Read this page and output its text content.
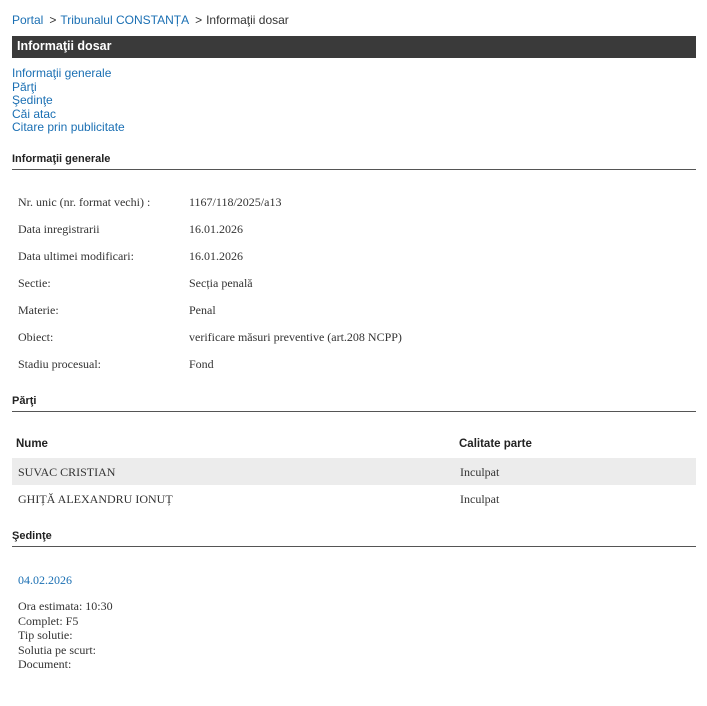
Portal > Tribunalul CONSTANȚA > Informaţii dosar
Informaţii dosar
Informaţii generale
Părţi
Şedinţe
Căi atac
Citare prin publicitate
Informaţii generale
Nr. unic (nr. format vechi) :	1167/118/2025/a13
Data inregistrarii	16.01.2026
Data ultimei modificari:	16.01.2026
Sectie:	Secția penală
Materie:	Penal
Obiect:	verificare măsuri preventive (art.208 NCPP)
Stadiu procesual:	Fond
Părţi
Nume	Calitate parte
SUVAC CRISTIAN	Inculpat
GHIȚĂ ALEXANDRU IONUȚ	Inculpat
Şedinţe
04.02.2026
Ora estimata: 10:30
Complet: F5
Tip solutie:
Solutia pe scurt:
Document:
